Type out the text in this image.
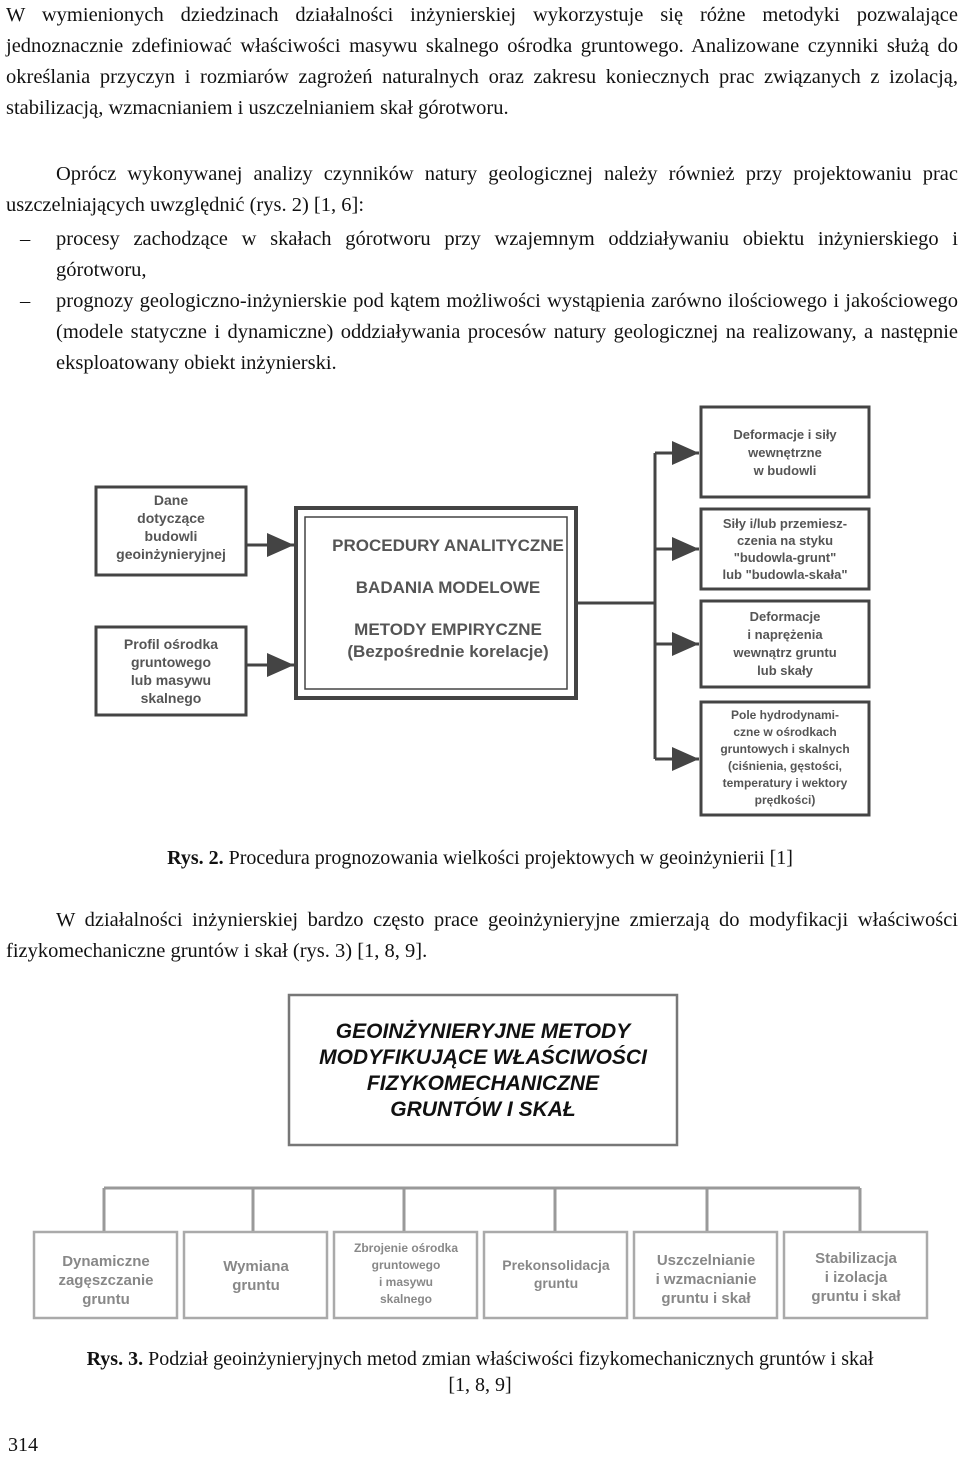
W wymienionych dziedzinach działalności inżynierskiej wykorzystuje się różne metodyki pozwalające jednoznacznie zdefiniować właściwości masywu skalnego ośrodka gruntowego. Analizowane czynniki służą do określania przyczyn i rozmiarów zagrożeń naturalnych oraz zakresu koniecznych prac związanych z izolacją, stabilizacją, wzmacnianiem i uszczelnianiem skał górotworu.

Oprócz wykonywanej analizy czynników natury geologicznej należy również przy projektowaniu prac uszczelniających uwzględnić (rys. 2) [1, 6]:

– procesy zachodzące w skałach górotworu przy wzajemnym oddziaływaniu obiektu inżynierskiego i górotworu,

– prognozy geologiczno-inżynierskie pod kątem możliwości wystąpienia zarówno ilościowego i jakościowego (modele statyczne i dynamiczne) oddziaływania procesów natury geologicznej na realizowany, a następnie eksploatowany obiekt inżynierski.

Dane
dotyczące
budowli
geoinżynieryjnej
Profil ośrodka
gruntowego
lub masywu
skalnego
PROCEDURY ANALITYCZNE
BADANIA MODELOWE
METODY EMPIRYCZNE
(Bezpośrednie korelacje)
Deformacje i siły
wewnętrzne
w budowli
Siły i/lub przemiesz-
czenia na styku
"budowla-grunt"
lub "budowla-skała"
Deformacje
i naprężenia
wewnątrz gruntu
lub skały
Pole hydrodynami-
czne w ośrodkach
gruntowych i skalnych
(ciśnienia, gęstości,
temperatury i wektory
prędkości)

Rys. 2. Procedura prognozowania wielkości projektowych w geoinżynierii [1]

W działalności inżynierskiej bardzo często prace geoinżynieryjne zmierzają do modyfikacji właściwości fizykomechaniczne gruntów i skał (rys. 3) [1, 8, 9].

GEOINŻYNIERYJNE METODY
MODYFIKUJĄCE WŁAŚCIWOŚCI
FIZYKOMECHANICZNE
GRUNTÓW I SKAŁ
Dynamiczne
zagęszczanie
gruntu
Wymiana
gruntu
Zbrojenie ośrodka
gruntowego
i masywu
skalnego
Prekonsolidacja
gruntu
Uszczelnianie
i wzmacnianie
gruntu i skał
Stabilizacja
i izolacja
gruntu i skał

Rys. 3. Podział geoinżynieryjnych metod zmian właściwości fizykomechanicznych gruntów i skał
[1, 8, 9]

314
